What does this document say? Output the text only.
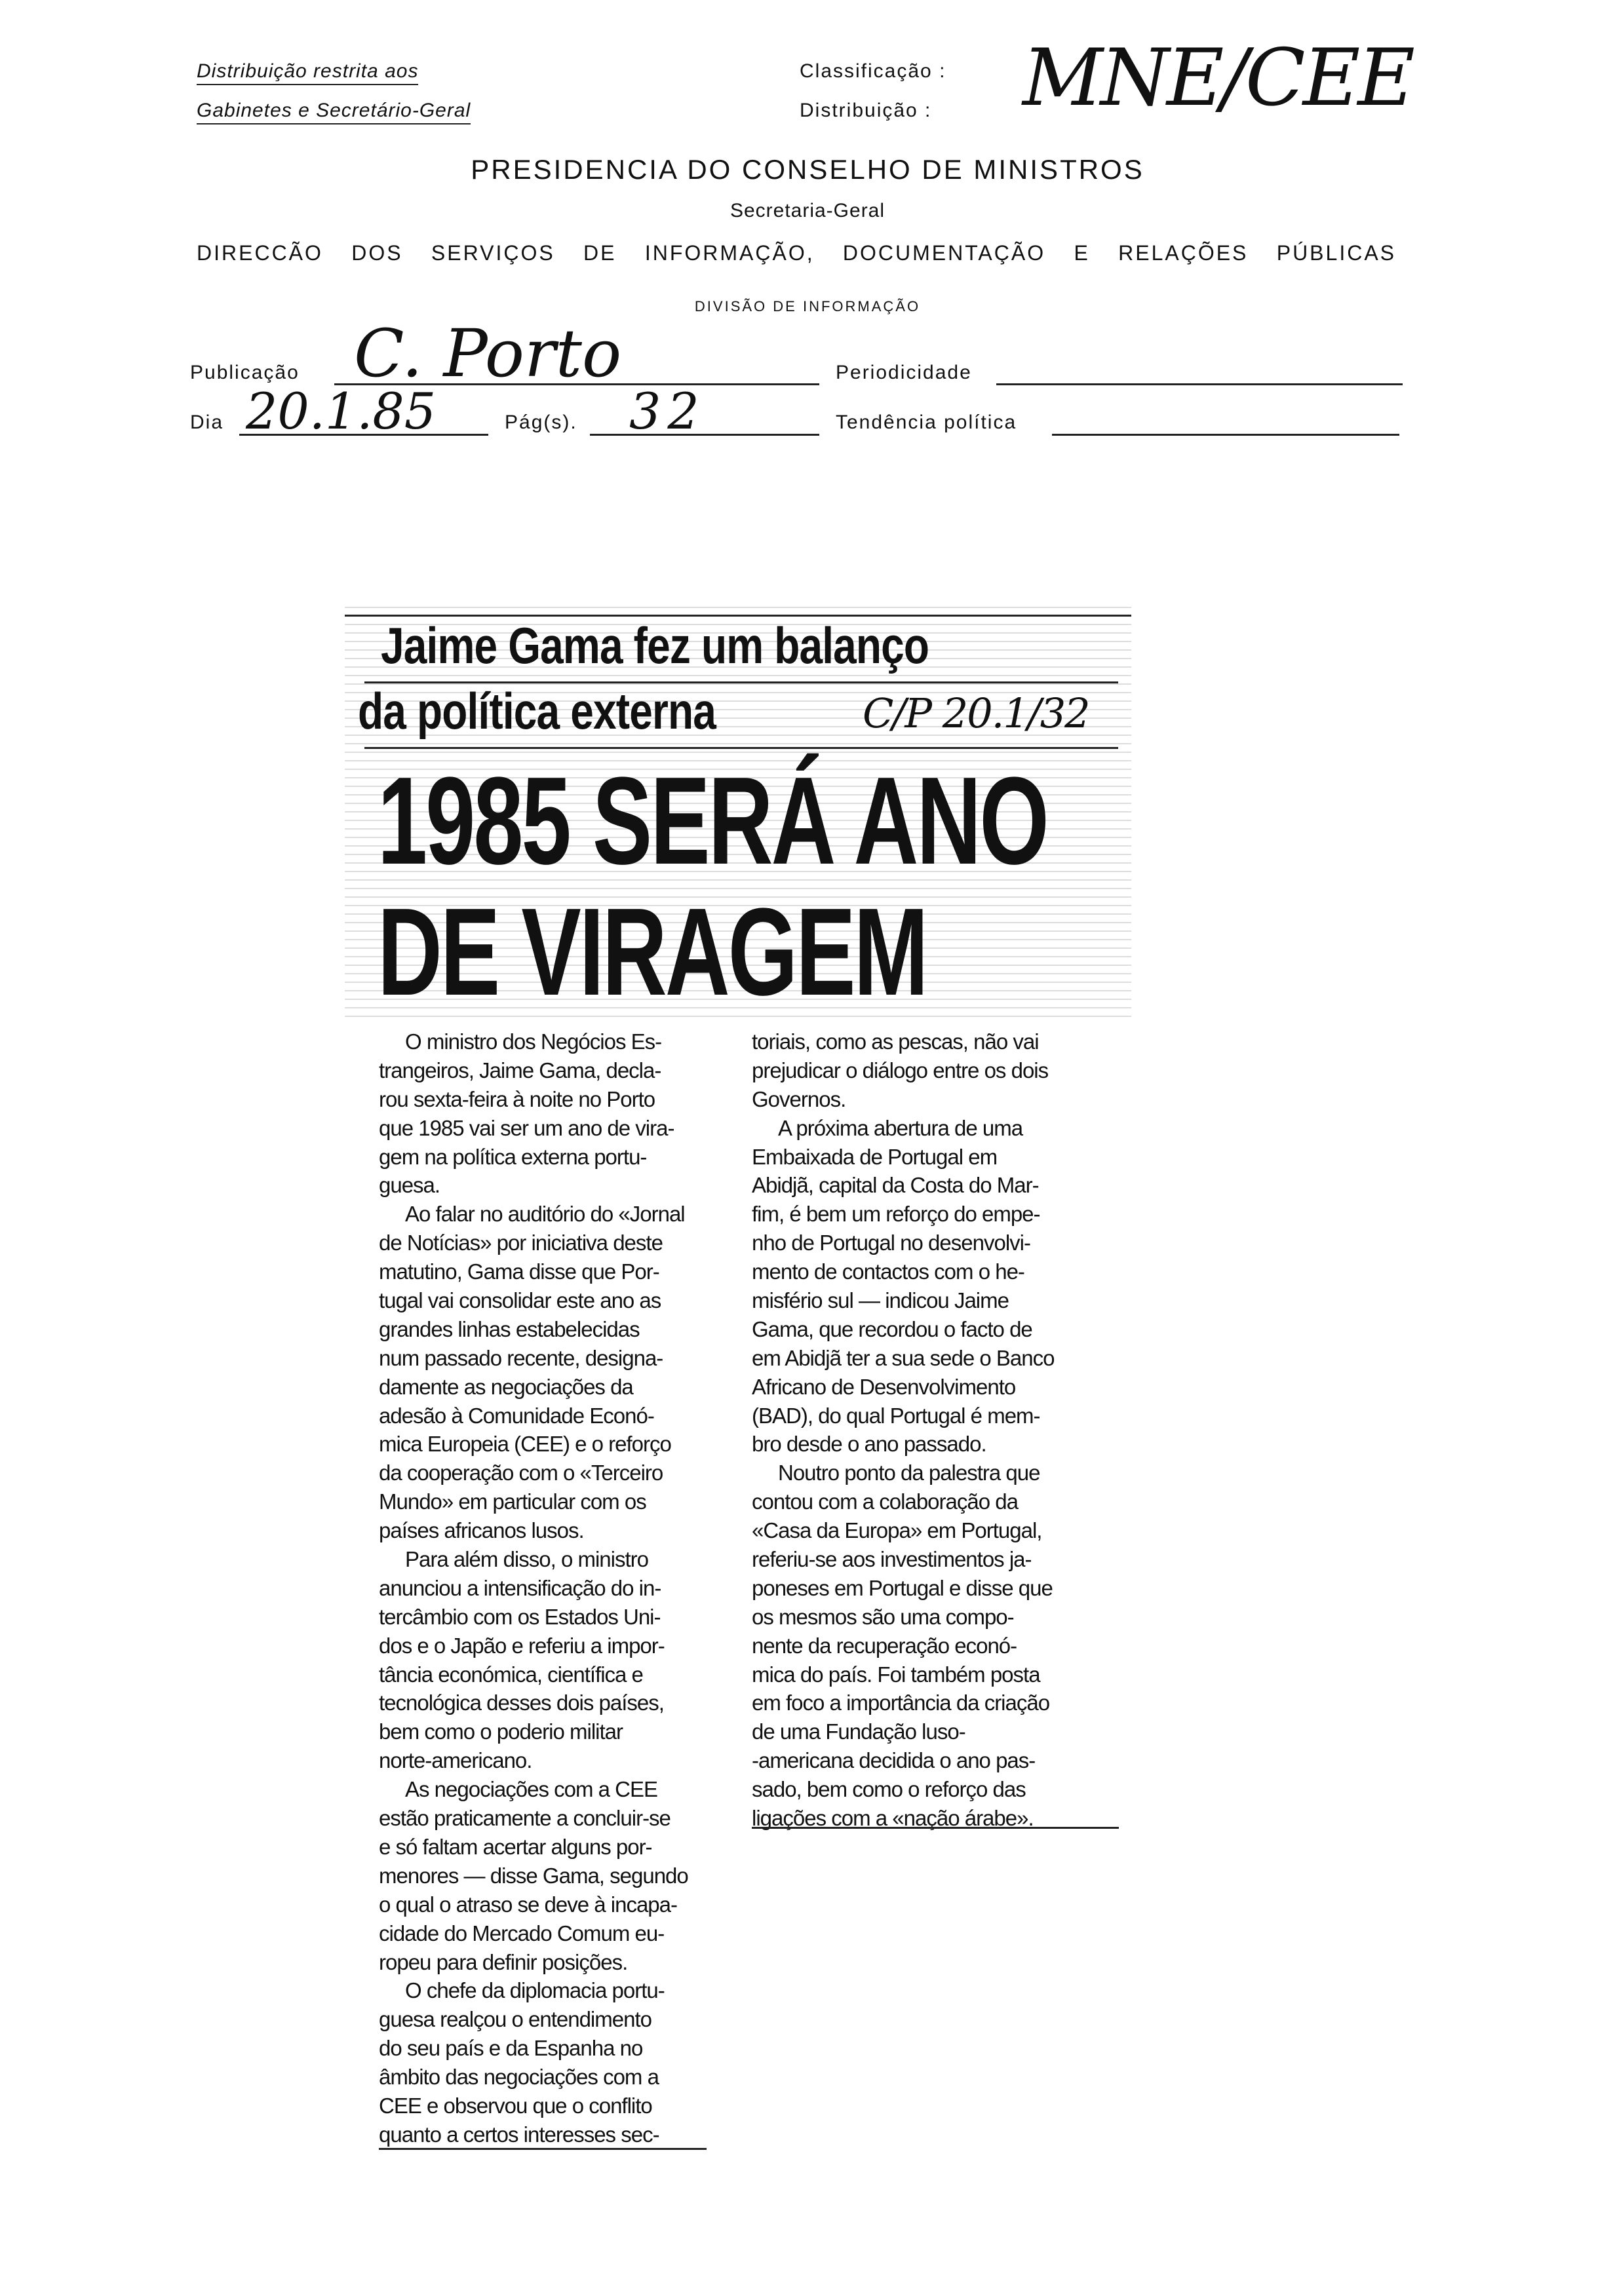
Distribuição restrita aos
Gabinetes e Secretário-Geral
Classificação :
Distribuição : MNE/CEE
PRESIDENCIA DO CONSELHO DE MINISTROS
Secretaria-Geral
DIRECCÃO DOS SERVIÇOS DE INFORMAÇÃO, DOCUMENTAÇÃO E RELAÇÕES PÚBLICAS
DIVISÃO DE INFORMAÇÃO
Publicação C. Porto	Periodicidade
Dia 20.1.85	Pág(s). 32	Tendência política
Jaime Gama fez um balanço
da política externa	C/P 20.1/32
1985 SERÁ ANO
DE VIRAGEM
O ministro dos Negócios Es-
trangeiros, Jaime Gama, decla-
rou sexta-feira à noite no Porto
que 1985 vai ser um ano de vira-
gem na política externa portu-
guesa.
Ao falar no auditório do «Jornal
de Notícias» por iniciativa deste
matutino, Gama disse que Por-
tugal vai consolidar este ano as
grandes linhas estabelecidas
num passado recente, designa-
damente as negociações da
adesão à Comunidade Econó-
mica Europeia (CEE) e o reforço
da cooperação com o «Terceiro
Mundo» em particular com os
países africanos lusos.
Para além disso, o ministro
anunciou a intensificação do in-
tercâmbio com os Estados Uni-
dos e o Japão e referiu a impor-
tância económica, científica e
tecnológica desses dois países,
bem como o poderio militar
norte-americano.
As negociações com a CEE
estão praticamente a concluir-se
e só faltam acertar alguns por-
menores — disse Gama, segundo
o qual o atraso se deve à incapa-
cidade do Mercado Comum eu-
ropeu para definir posições.
O chefe da diplomacia portu-
guesa realçou o entendimento
do seu país e da Espanha no
âmbito das negociações com a
CEE e observou que o conflito
quanto a certos interesses sec-
toriais, como as pescas, não vai
prejudicar o diálogo entre os dois
Governos.
A próxima abertura de uma
Embaixada de Portugal em
Abidjã, capital da Costa do Mar-
fim, é bem um reforço do empe-
nho de Portugal no desenvolvi-
mento de contactos com o he-
misfério sul — indicou Jaime
Gama, que recordou o facto de
em Abidjã ter a sua sede o Banco
Africano de Desenvolvimento
(BAD), do qual Portugal é mem-
bro desde o ano passado.
Noutro ponto da palestra que
contou com a colaboração da
«Casa da Europa» em Portugal,
referiu-se aos investimentos ja-
poneses em Portugal e disse que
os mesmos são uma compo-
nente da recuperação econó-
mica do país. Foi também posta
em foco a importância da criação
de uma Fundação luso-
-americana decidida o ano pas-
sado, bem como o reforço das
ligações com a «nação árabe».
